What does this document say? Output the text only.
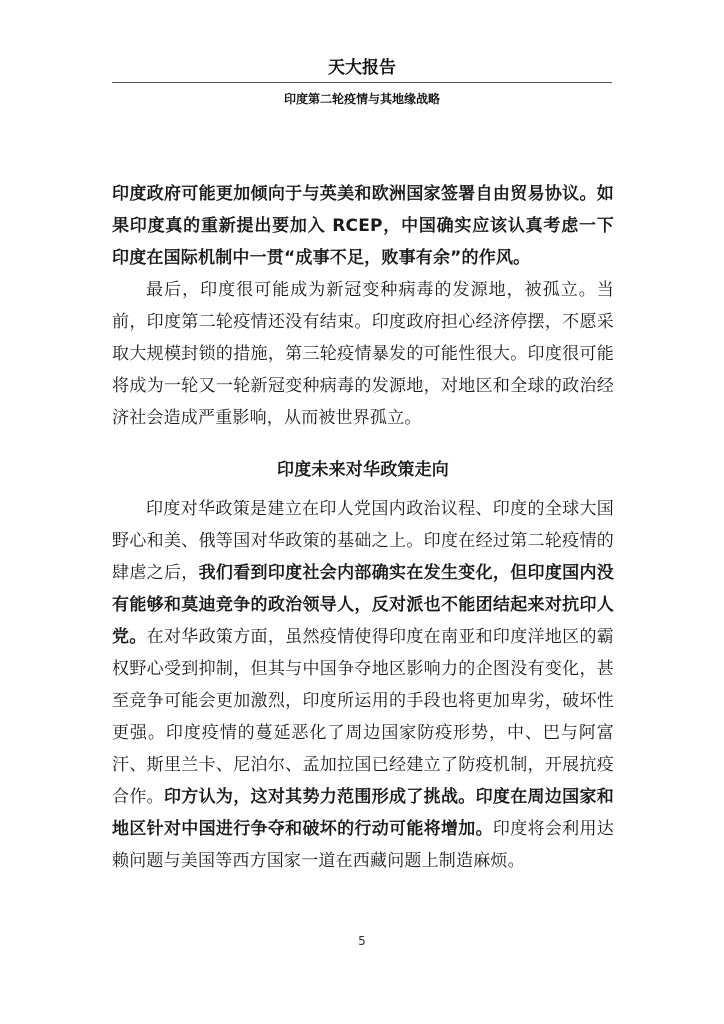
天大报告
印度第二轮疫情与其地缘战略

印度政府可能更加倾向于与英美和欧洲国家签署自由贸易协议。如果印度真的重新提出要加入 RCEP，中国确实应该认真考虑一下印度在国际机制中一贯“成事不足，败事有余”的作风。

最后，印度很可能成为新冠变种病毒的发源地，被孤立。当前，印度第二轮疫情还没有结束。印度政府担心经济停摆，不愿采取大规模封锁的措施，第三轮疫情暴发的可能性很大。印度很可能将成为一轮又一轮新冠变种病毒的发源地，对地区和全球的政治经济社会造成严重影响，从而被世界孤立。

印度未来对华政策走向

印度对华政策是建立在印人党国内政治议程、印度的全球大国野心和美、俄等国对华政策的基础之上。印度在经过第二轮疫情的肆虐之后，我们看到印度社会内部确实在发生变化，但印度国内没有能够和莫迪竞争的政治领导人，反对派也不能团结起来对抗印人党。在对华政策方面，虽然疫情使得印度在南亚和印度洋地区的霸权野心受到抑制，但其与中国争夺地区影响力的企图没有变化，甚至竞争可能会更加激烈，印度所运用的手段也将更加卑劣，破坏性更强。印度疫情的蔓延恶化了周边国家防疫形势，中、巴与阿富汗、斯里兰卡、尼泊尔、孟加拉国已经建立了防疫机制，开展抗疫合作。印方认为，这对其势力范围形成了挑战。印度在周边国家和地区针对中国进行争夺和破坏的行动可能将增加。印度将会利用达赖问题与美国等西方国家一道在西藏问题上制造麻烦。

5
